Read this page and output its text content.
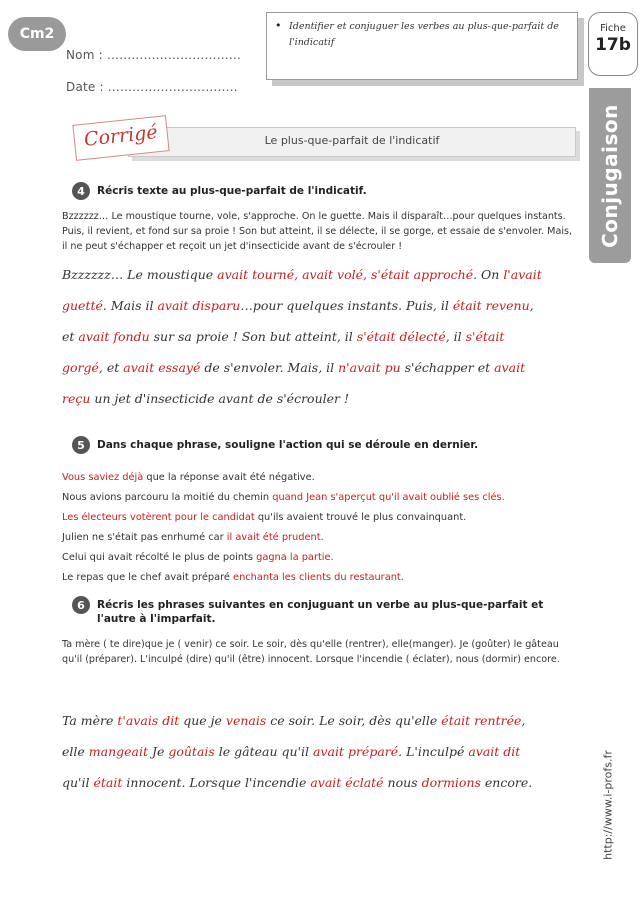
Cm2
Nom : ……………………………
Date : …………………………..
• Identifier et conjuguer les verbes au plus-que-parfait de l'indicatif
Fiche
17b
Conjugaison
Le plus-que-parfait de l'indicatif
Corrigé
4	Récris texte au plus-que-parfait de l'indicatif.
Bzzzzzz… Le moustique tourne, vole, s'approche. On le guette. Mais il disparaît…pour quelques instants. Puis, il revient, et fond sur sa proie ! Son but atteint, il se délecte, il se gorge, et essaie de s'envoler. Mais, il ne peut s'échapper et reçoit un jet d'insecticide avant de s'écrouler !
Bzzzzzz… Le moustique avait tourné, avait volé, s'était approché. On l'avait
guetté. Mais il avait disparu…pour quelques instants. Puis, il était revenu,
et avait fondu sur sa proie ! Son but atteint, il s'était délecté, il s'était
gorgé, et avait essayé de s'envoler. Mais, il n'avait pu s'échapper et avait
reçu un jet d'insecticide avant de s'écrouler !
5	Dans chaque phrase, souligne l'action qui se déroule en dernier.
Vous saviez déjà que la réponse avait été négative.
Nous avions parcouru la moitié du chemin quand Jean s'aperçut qu'il avait oublié ses clés.
Les électeurs votèrent pour le candidat qu'ils avaient trouvé le plus convainquant.
Julien ne s'était pas enrhumé car il avait été prudent.
Celui qui avait récolté le plus de points gagna la partie.
Le repas que le chef avait préparé enchanta les clients du restaurant.
6	Récris les phrases suivantes en conjuguant un verbe au plus-que-parfait et l'autre à l'imparfait.
Ta mère ( te dire)que je ( venir) ce soir. Le soir, dès qu'elle (rentrer), elle(manger). Je (goûter) le gâteau qu'il (préparer). L'inculpé (dire) qu'il (être) innocent. Lorsque l'incendie ( éclater), nous (dormir) encore.
Ta mère t'avais dit que je venais ce soir. Le soir, dès qu'elle était rentrée,
elle mangeait Je goûtais le gâteau qu'il avait préparé. L'inculpé avait dit
qu'il était innocent. Lorsque l'incendie avait éclaté nous dormions encore.	http://www.i-profs.fr
